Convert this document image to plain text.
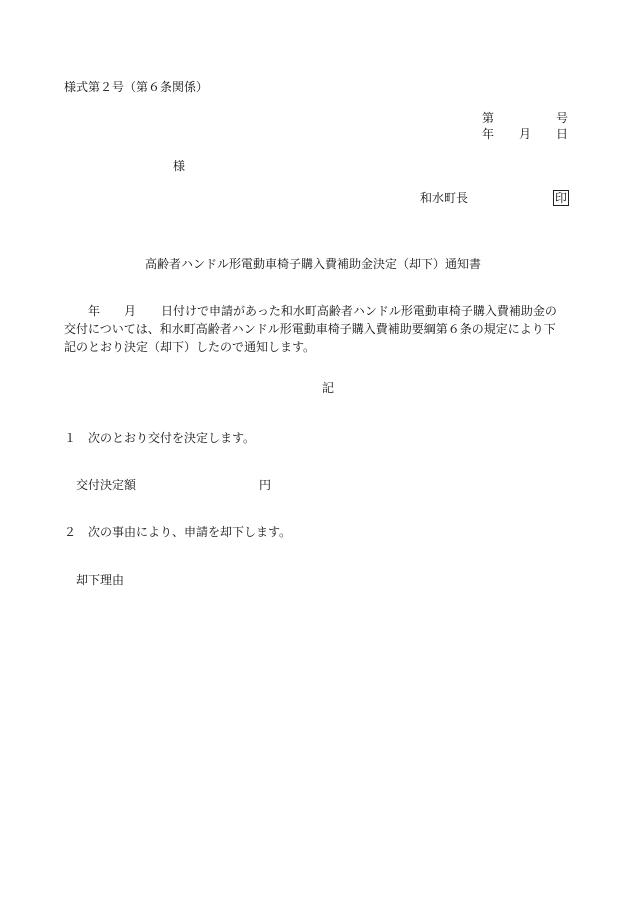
様式第２号（第６条関係）
第	号
年 月 日
様
和水町長	印
高齢者ハンドル形電動車椅子購入費補助金決定（却下）通知書
年 月 日付けで申請があった和水町高齢者ハンドル形電動車椅子購入費補助金の
交付については、和水町高齢者ハンドル形電動車椅子購入費補助要綱第６条の規定により下
記のとおり決定（却下）したので通知します。
記
１ 次のとおり交付を決定します。
交付決定額	円
２ 次の事由により、申請を却下します。
却下理由
